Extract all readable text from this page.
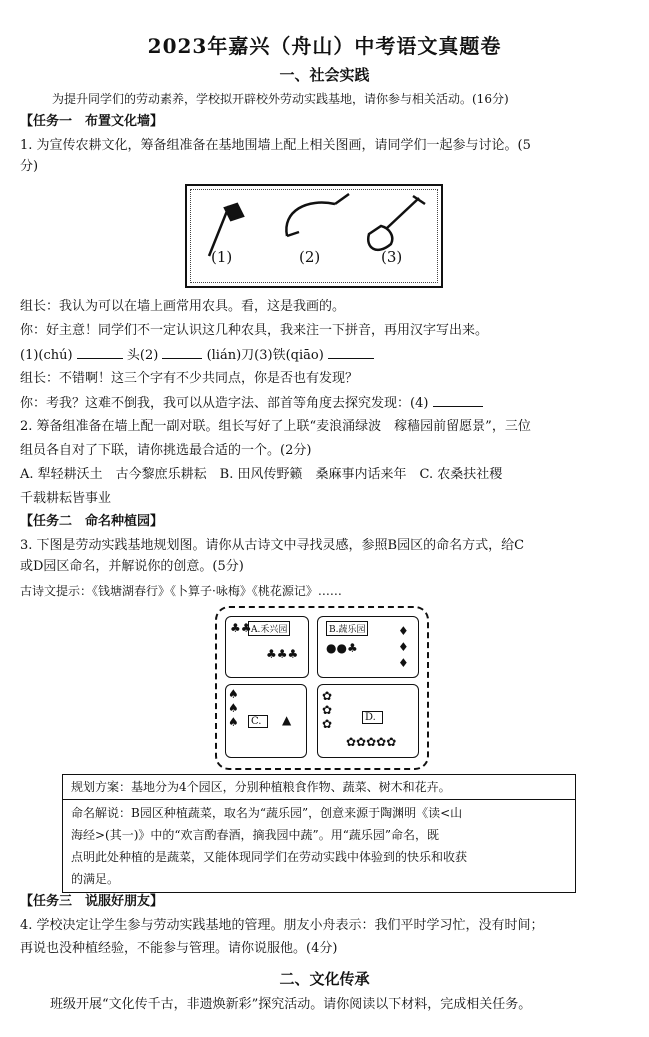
2023年嘉兴（舟山）中考语文真题卷
一、社会实践
为提升同学们的劳动素养，学校拟开辟校外劳动实践基地，请你参与相关活动。(16分)
【任务一　布置文化墙】
1. 为宣传农耕文化，筹备组准备在基地围墙上配上相关图画，请同学们一起参与讨论。(5
分)
(1)	(2)	(3)
组长：我认为可以在墙上画常用农具。看，这是我画的。
你：好主意！同学们不一定认识这几种农具，我来注一下拼音，再用汉字写出来。
(1)(chú)	头(2)	(lián)刀(3)铁(qiāo)
组长：不错啊！这三个字有不少共同点，你是否也有发现？
你：考我？这难不倒我，我可以从造字法、部首等角度去探究发现：(4)
2. 筹备组准备在墙上配一副对联。组长写好了上联“麦浪涌绿波　稼穑园前留愿景”，三位
组员各自对了下联，请你挑选最合适的一个。(2分)
A. 犁轻耕沃土　古今黎庶乐耕耘　B. 田风传野籁　桑麻事内话来年　C. 农桑扶社稷
千载耕耘皆事业
【任务二　命名种植园】
3. 下图是劳动实践基地规划图。请你从古诗文中寻找灵感，参照B园区的命名方式，给C
或D园区命名，并解说你的创意。(5分)
古诗文提示：《钱塘湖春行》《卜算子·咏梅》《桃花源记》……
A.禾兴园
♣♣
♣♣♣
B.蔬乐园
●●♣
♦
♦
♦
C.
♠
♠
♠	▲	D.
✿
✿
✿
✿✿✿✿✿
规划方案：基地分为4个园区，分别种植粮食作物、蔬菜、树木和花卉。
命名解说：B园区种植蔬菜，取名为“蔬乐园”，创意来源于陶渊明《读<山
海经>(其一)》中的“欢言酌春酒，摘我园中蔬”。用“蔬乐园”命名，既
点明此处种植的是蔬菜，又能体现同学们在劳动实践中体验到的快乐和收获
的满足。
【任务三　说服好朋友】
4. 学校决定让学生参与劳动实践基地的管理。朋友小舟表示：我们平时学习忙，没有时间；
再说也没种植经验，不能参与管理。请你说服他。(4分)
二、文化传承
班级开展“文化传千古，非遗焕新彩”探究活动。请你阅读以下材料，完成相关任务。
